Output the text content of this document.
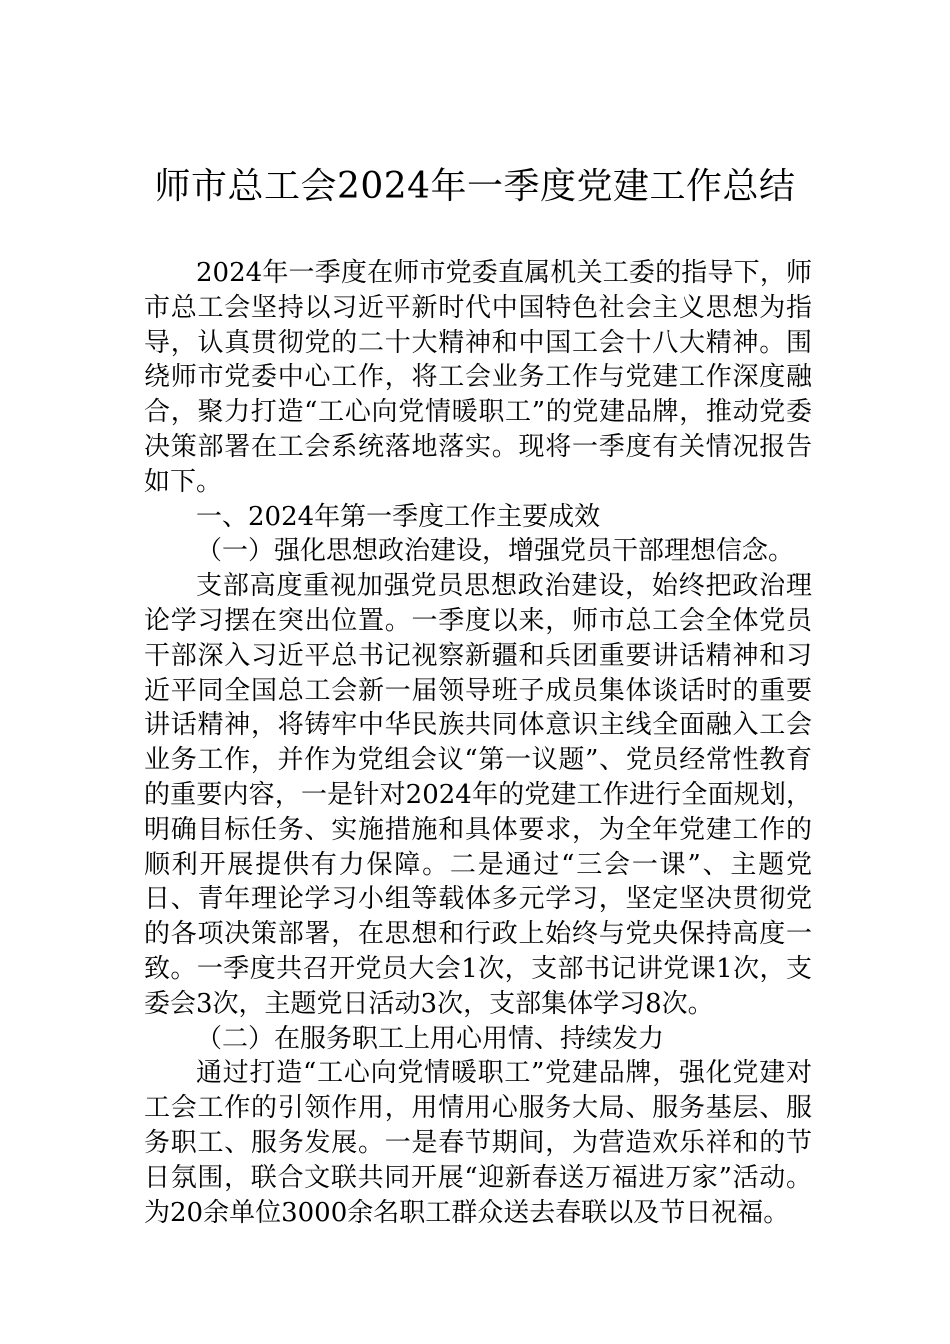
师市总工会2024年一季度党建工作总结

2024年一季度在师市党委直属机关工委的指导下，师市总工会坚持以习近平新时代中国特色社会主义思想为指导，认真贯彻党的二十大精神和中国工会十八大精神。围绕师市党委中心工作，将工会业务工作与党建工作深度融合，聚力打造“工心向党情暖职工”的党建品牌，推动党委决策部署在工会系统落地落实。现将一季度有关情况报告如下。

一、2024年第一季度工作主要成效

（一）强化思想政治建设，增强党员干部理想信念。

支部高度重视加强党员思想政治建设，始终把政治理论学习摆在突出位置。一季度以来，师市总工会全体党员干部深入习近平总书记视察新疆和兵团重要讲话精神和习近平同全国总工会新一届领导班子成员集体谈话时的重要讲话精神，将铸牢中华民族共同体意识主线全面融入工会业务工作，并作为党组会议“第一议题”、党员经常性教育的重要内容，一是针对2024年的党建工作进行全面规划，明确目标任务、实施措施和具体要求，为全年党建工作的顺利开展提供有力保障。二是通过“三会一课”、主题党日、青年理论学习小组等载体多元学习，坚定坚决贯彻党的各项决策部署，在思想和行政上始终与党央保持高度一致。一季度共召开党员大会1次，支部书记讲党课1次，支委会3次，主题党日活动3次，支部集体学习8次。

（二）在服务职工上用心用情、持续发力

通过打造“工心向党情暖职工”党建品牌，强化党建对工会工作的引领作用，用情用心服务大局、服务基层、服务职工、服务发展。一是春节期间，为营造欢乐祥和的节日氛围，联合文联共同开展“迎新春送万福进万家”活动。为20余单位3000余名职工群众送去春联以及节日祝福。
